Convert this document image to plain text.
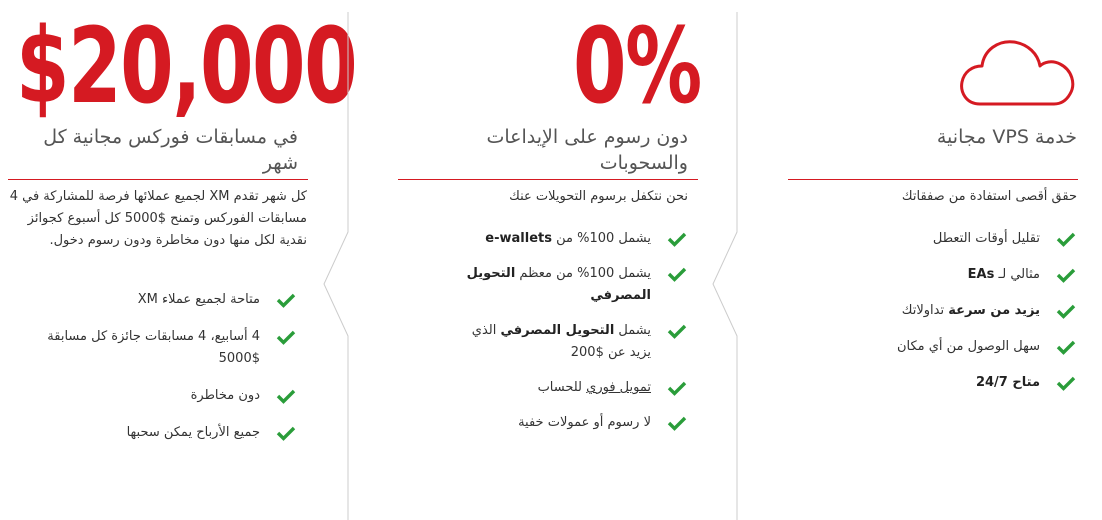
$20,000
في مسابقات فوركس مجانية كل شهر
كل شهر تقدم XM لجميع عملائها فرصة للمشاركة في 4 مسابقات الفوركس وتمنح $5000 كل أسبوع كجوائز نقدية لكل منها دون مخاطرة ودون رسوم دخول.
متاحة لجميع عملاء XM
4 أسابيع، 4 مسابقات جائزة كل مسابقة $5000
دون مخاطرة
جميع الأرباح يمكن سحبها
0%
دون رسوم على الإيداعات والسحوبات
نحن نتكفل برسوم التحويلات عنك
يشمل 100% من e-wallets
يشمل 100% من معظم التحويل المصرفي
يشمل التحويل المصرفي الذي يزيد عن $200
تمويل فوري للحساب
لا رسوم أو عمولات خفية
خدمة VPS مجانية
حقق أقصى استفادة من صفقاتك
تقليل أوقات التعطل
مثالي لـ EAs
يزيد من سرعة تداولاتك
سهل الوصول من أي مكان
متاح 24/7
